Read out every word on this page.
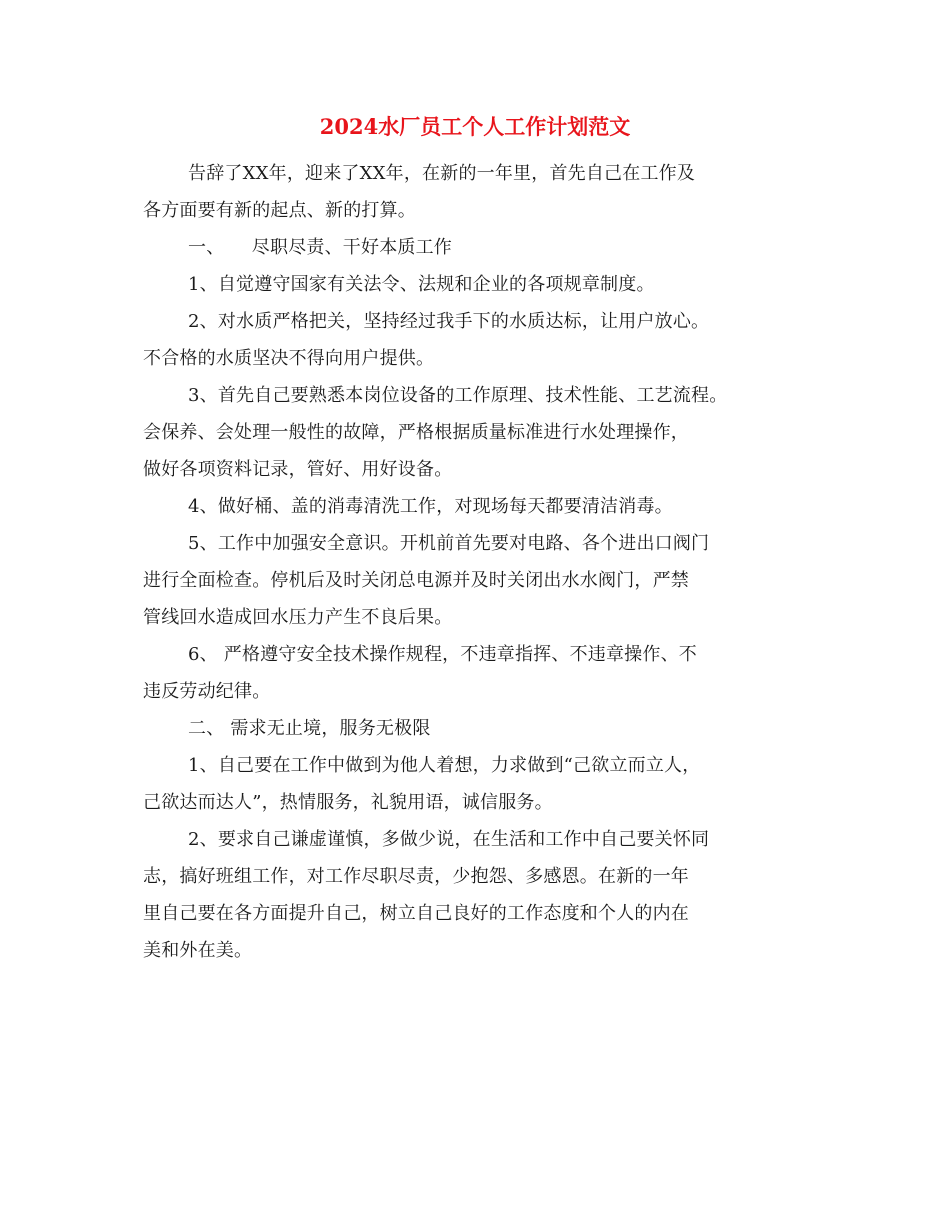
2024水厂员工个人工作计划范文
告辞了XX年，迎来了XX年，在新的一年里，首先自己在工作及
各方面要有新的起点、新的打算。
一、　　尽职尽责、干好本质工作
1、自觉遵守国家有关法令、法规和企业的各项规章制度。
2、对水质严格把关，坚持经过我手下的水质达标，让用户放心。
不合格的水质坚决不得向用户提供。
3、首先自己要熟悉本岗位设备的工作原理、技术性能、工艺流程。
会保养、会处理一般性的故障，严格根据质量标准进行水处理操作，
做好各项资料记录，管好、用好设备。
4、做好桶、盖的消毒清洗工作，对现场每天都要清洁消毒。
5、工作中加强安全意识。开机前首先要对电路、各个进出口阀门
进行全面检查。停机后及时关闭总电源并及时关闭出水水阀门，严禁
管线回水造成回水压力产生不良后果。
6、 严格遵守安全技术操作规程，不违章指挥、不违章操作、不
违反劳动纪律。
二、 需求无止境，服务无极限
1、自己要在工作中做到为他人着想，力求做到“己欲立而立人，
己欲达而达人”，热情服务，礼貌用语，诚信服务。
2、要求自己谦虚谨慎，多做少说，在生活和工作中自己要关怀同
志，搞好班组工作，对工作尽职尽责，少抱怨、多感恩。在新的一年
里自己要在各方面提升自己，树立自己良好的工作态度和个人的内在
美和外在美。
